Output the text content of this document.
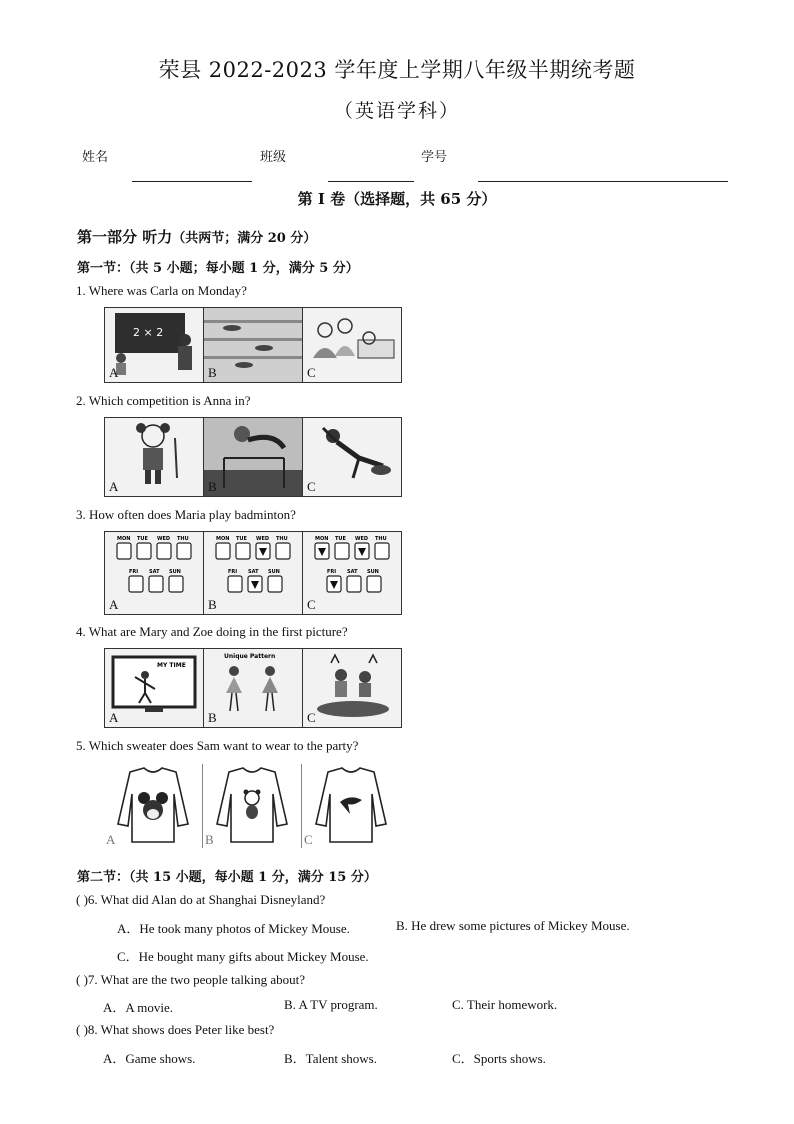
荣县 2022-2023 学年度上学期八年级半期统考题
（英语学科）
姓名	班级	学号
第 I 卷（选择题，共 65 分）
第一部分 听力（共两节；满分 20 分）
第一节：（共 5 小题；每小题 1 分，满分 5 分）
1. Where was Carla on Monday?
2 × 2
A	B	C
2. Which competition is Anna in?
A	B	C
3. How often does Maria play badminton?
MON TUE WED THU
FRI SAT SUN
A
MON TUE WED THU
FRI SAT SUN
B
MON TUE WED THU
FRI SAT SUN
C
4. What are Mary and Zoe doing in the first picture?
MY TIME
A
Unique Pattern
B	C
5. Which sweater does Sam want to wear to the party?
A	B	C
第二节：（共 15 小题，每小题 1 分，满分 15 分）
( )6. What did Alan do at Shanghai Disneyland?
A．He took many photos of Mickey Mouse.	B. He drew some pictures of Mickey Mouse.
C．He bought many gifts about Mickey Mouse.
( )7. What are the two people talking about?
A．A movie.	B. A TV program.	C. Their homework.
( )8. What shows does Peter like best?
A．Game shows.	B．Talent shows.	C．Sports shows.
